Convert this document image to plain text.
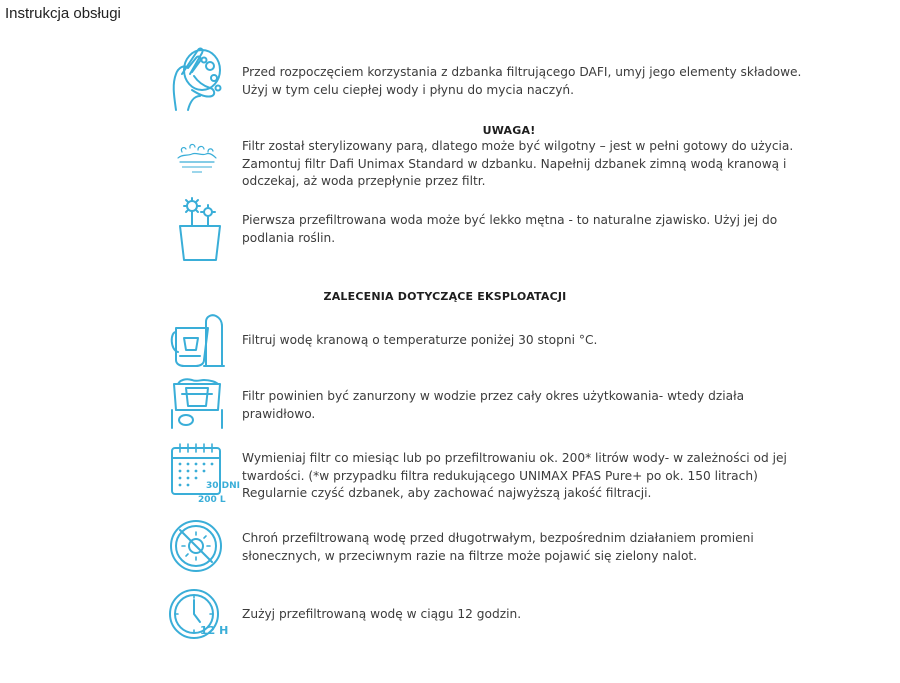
Instrukcja obsługi
Przed rozpoczęciem korzystania z dzbanka filtrującego DAFI, umyj jego elementy składowe. Użyj w tym celu ciepłej wody i płynu do mycia naczyń.
UWAGA!
Filtr został sterylizowany parą, dlatego może być wilgotny – jest w pełni gotowy do użycia. Zamontuj filtr Dafi Unimax Standard w dzbanku. Napełnij dzbanek zimną wodą kranową i odczekaj, aż woda przepłynie przez filtr.
Pierwsza przefiltrowana woda może być lekko mętna - to naturalne zjawisko. Użyj jej do podlania roślin.
ZALECENIA DOTYCZĄCE EKSPLOATACJI
Filtruj wodę kranową o temperaturze poniżej 30 stopni °C.
Filtr powinien być zanurzony w wodzie przez cały okres użytkowania- wtedy działa prawidłowo.
30 DNI
200 L
Wymieniaj filtr co miesiąc lub po przefiltrowaniu ok. 200* litrów wody- w zależności od jej twardości. (*w przypadku filtra redukującego UNIMAX PFAS Pure+ po ok. 150 litrach) Regularnie czyść dzbanek, aby zachować najwyższą jakość filtracji.
Chroń przefiltrowaną wodę przed długotrwałym, bezpośrednim działaniem promieni słonecznych, w przeciwnym razie na filtrze może pojawić się zielony nalot.
12 H
Zużyj przefiltrowaną wodę w ciągu 12 godzin.
